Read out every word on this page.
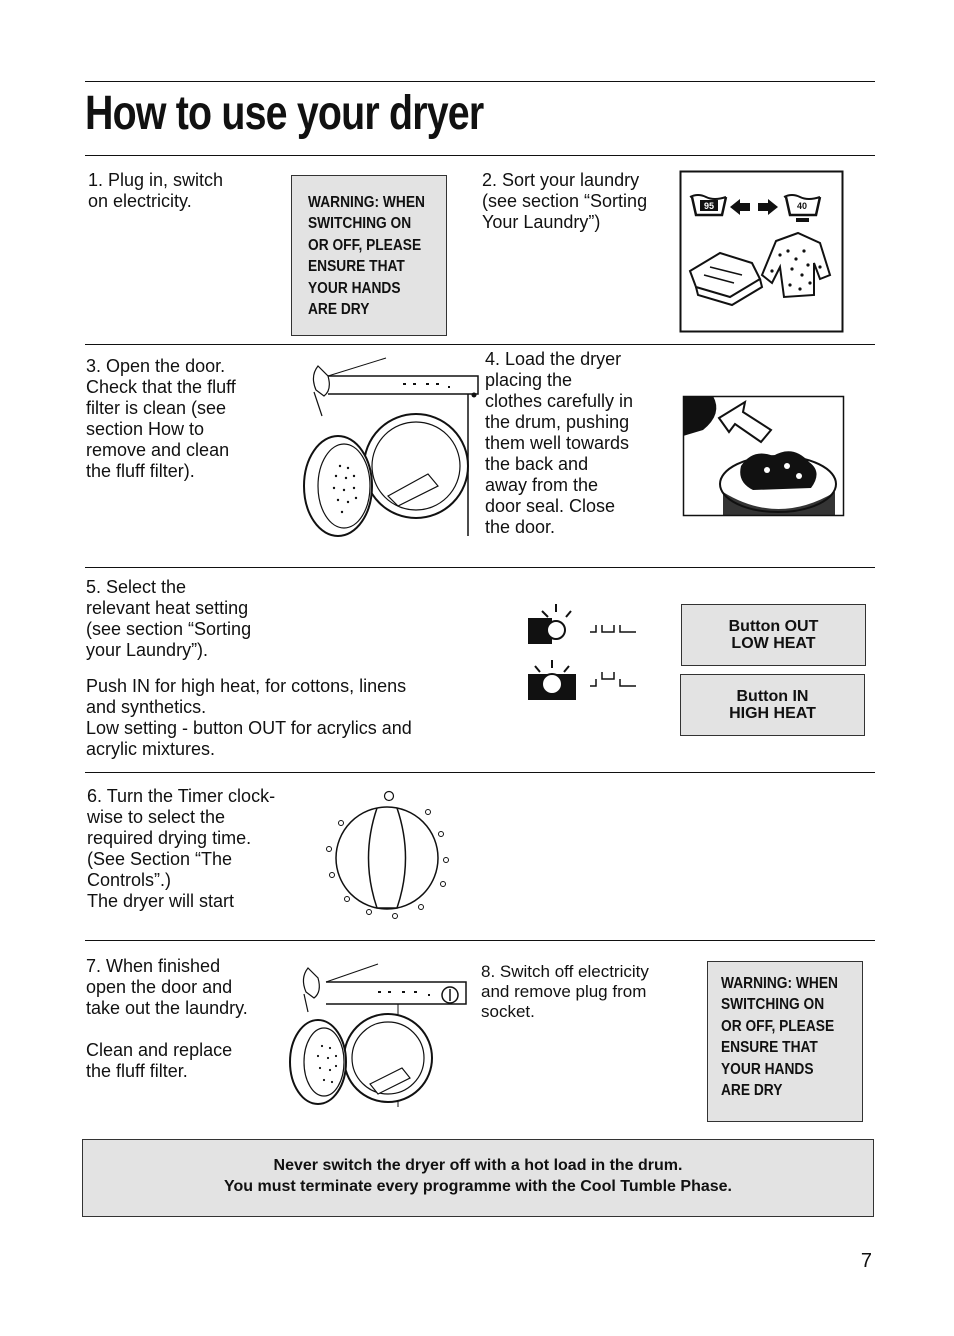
How to use your dryer
1. Plug in, switch
on electricity.	WARNING: WHEN
SWITCHING ON
OR OFF, PLEASE
ENSURE THAT
YOUR HANDS
ARE DRY
2. Sort your laundry
(see section “Sorting
Your Laundry”)
95	40
3. Open the door.
Check that the fluff
filter is clean (see
section How to
remove and clean
the fluff filter).
4. Load the dryer
placing the
clothes carefully in
the drum, pushing
them well towards
the back and
away from the
door seal. Close
the door.
5. Select the
relevant heat setting
(see section “Sorting
your Laundry”).
Push IN for high heat, for cottons, linens
and synthetics.
Low setting - button OUT for acrylics and
acrylic mixtures.
Button OUT
LOW HEAT
Button IN
HIGH HEAT
6. Turn the Timer clock-
wise to select the
required drying time.
(See Section “The
Controls”.)
The dryer will start
7. When finished
open the door and
take out the laundry.

Clean and replace
the fluff filter.
8. Switch off electricity
and remove plug from
socket.
WARNING: WHEN
SWITCHING ON
OR OFF, PLEASE
ENSURE THAT
YOUR HANDS
ARE DRY
Never switch the dryer off with a hot load in the drum.
You must terminate every programme with the Cool Tumble Phase.
7
